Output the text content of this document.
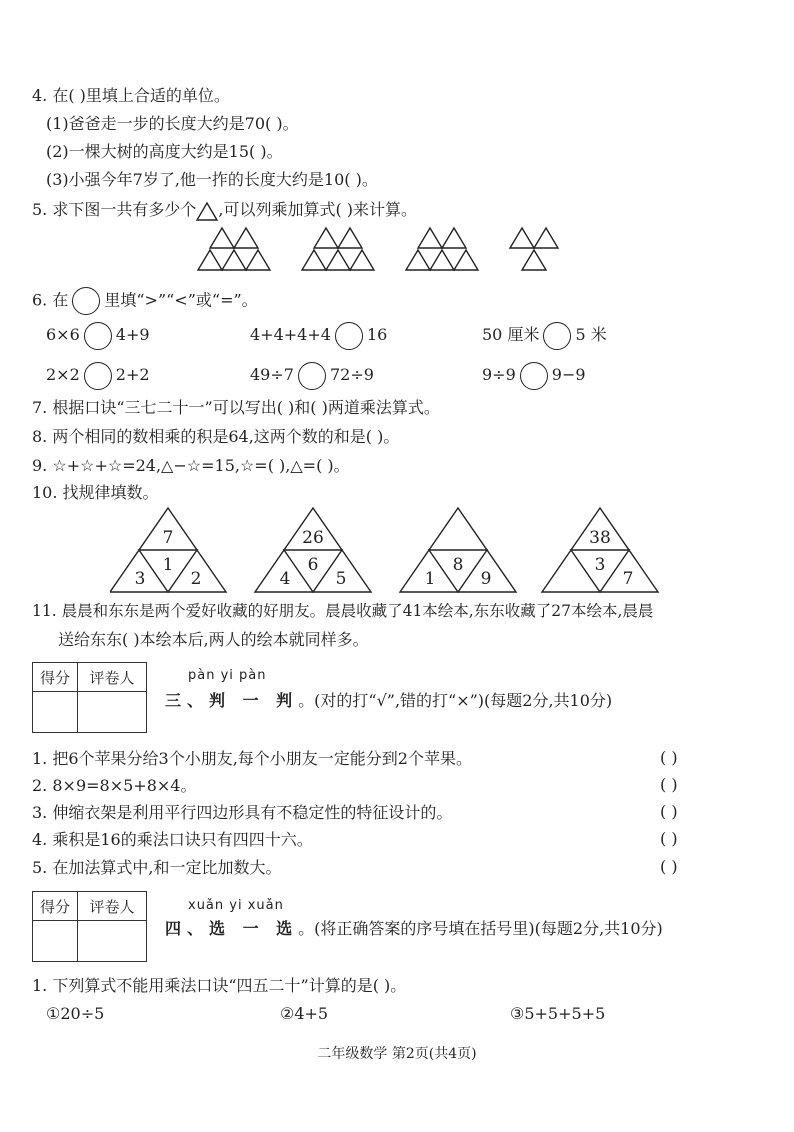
4. 在( )里填上合适的单位。
(1)爸爸走一步的长度大约是70( )。
(2)一棵大树的高度大约是15( )。
(3)小强今年7岁了,他一拃的长度大约是10( )。
5. 求下图一共有多少个 ,可以列乘加算式( )来计算。
6. 在 里填“>”“<”或“=”。
6×6 4+9	4+4+4+4 16	50 厘米 5 米
2×2 2+2	49÷7 72÷9	9÷9 9−9
7. 根据口诀“三七二十一”可以写出( )和( )两道乘法算式。
8. 两个相同的数相乘的积是64,这两个数的和是( )。
9. ☆+☆+☆=24,△−☆=15,☆=( ),△=( )。
10. 找规律填数。
7
1
3	2
26
6
4	5
8
1	9
38
3
7
11. 晨晨和东东是两个爱好收藏的好朋友。晨晨收藏了41本绘本,东东收藏了27本绘本,晨晨
送给东东( )本绘本后,两人的绘本就同样多。
得分	评卷人
		pàn yi pàn
三、判 一 判。(对的打“√”,错的打“×”)(每题2分,共10分)
1. 把6个苹果分给3个小朋友,每个小朋友一定能分到2个苹果。	( )
2. 8×9=8×5+8×4。	( )
3. 伸缩衣架是利用平行四边形具有不稳定性的特征设计的。	( )
4. 乘积是16的乘法口诀只有四四十六。	( )
5. 在加法算式中,和一定比加数大。	( )
得分	评卷人
		xuǎn yi xuǎn
四、选 一 选。(将正确答案的序号填在括号里)(每题2分,共10分)
1. 下列算式不能用乘法口诀“四五二十”计算的是( )。
①20÷5	②4+5	③5+5+5+5
二年级数学 第2页(共4页)
